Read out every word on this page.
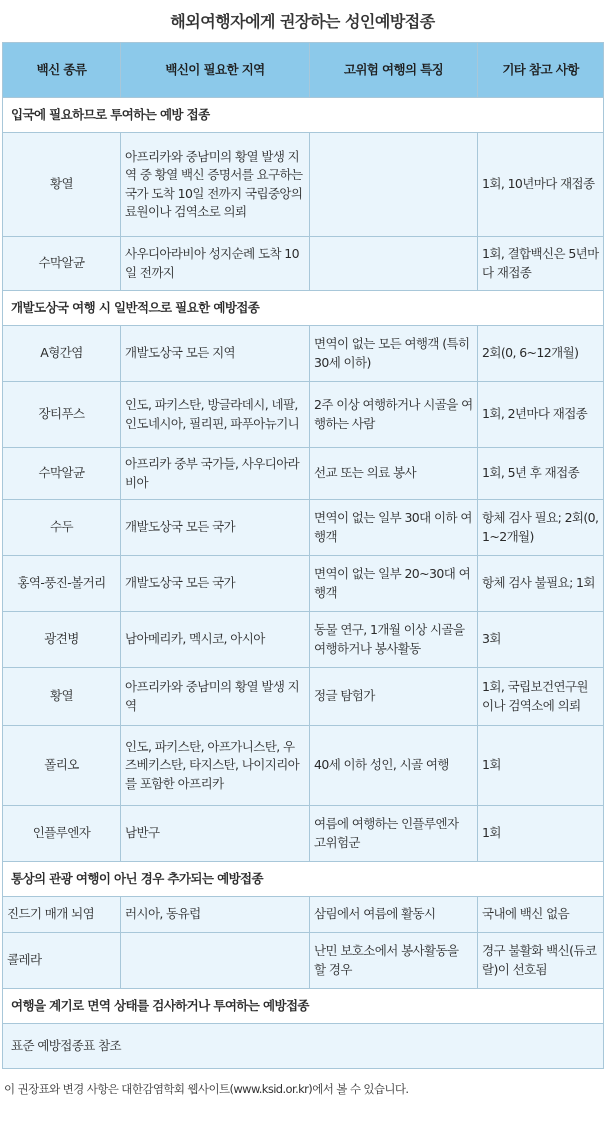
해외여행자에게 권장하는 성인예방접종
백신 종류	백신이 필요한 지역	고위험 여행의 특징	기타 참고 사항
입국에 필요하므로 투여하는 예방 접종			
황열	아프리카와 중남미의 황열 발생 지역 중 황열 백신 증명서를 요구하는 국가 도착 10일 전까지 국립중앙의료원이나 검역소로 의뢰		1회, 10년마다 재접종
수막알균	사우디아라비아 성지순례 도착 10일 전까지		1회, 결합백신은 5년마다 재접종
개발도상국 여행 시 일반적으로 필요한 예방접종			
A형간염	개발도상국 모든 지역	면역이 없는 모든 여행객 (특히 30세 이하)	2회(0, 6~12개월)
장티푸스	인도, 파키스탄, 방글라데시, 네팔, 인도네시아, 필리핀, 파푸아뉴기니	2주 이상 여행하거나 시골을 여행하는 사람	1회, 2년마다 재접종
수막알균	아프리카 중부 국가들, 사우디아라비아	선교 또는 의료 봉사	1회, 5년 후 재접종
수두	개발도상국 모든 국가	면역이 없는 일부 30대 이하 여행객	항체 검사 필요; 2회(0, 1~2개월)
홍역-풍진-볼거리	개발도상국 모든 국가	면역이 없는 일부 20~30대 여행객	항체 검사 불필요; 1회
광견병	남아메리카, 멕시코, 아시아	동물 연구, 1개월 이상 시골을 여행하거나 봉사활동	3회
황열	아프리카와 중남미의 황열 발생 지역	정글 탐험가	1회, 국립보건연구원이나 검역소에 의뢰
폴리오	인도, 파키스탄, 아프가니스탄, 우즈베키스탄, 타지스탄, 나이지리아를 포함한 아프리카	40세 이하 성인, 시골 여행	1회
인플루엔자	남반구	여름에 여행하는 인플루엔자 고위험군	1회
통상의 관광 여행이 아닌 경우 추가되는 예방접종			
진드기 매개 뇌염	러시아, 동유럽	삼림에서 여름에 활동시	국내에 백신 없음
콜레라		난민 보호소에서 봉사활동을 할 경우	경구 불활화 백신(듀코랄)이 선호됨
여행을 계기로 면역 상태를 검사하거나 투여하는 예방접종			
표준 예방접종표 참조			
이 권장표와 변경 사항은 대한감염학회 웹사이트(www.ksid.or.kr)에서 볼 수 있습니다.
